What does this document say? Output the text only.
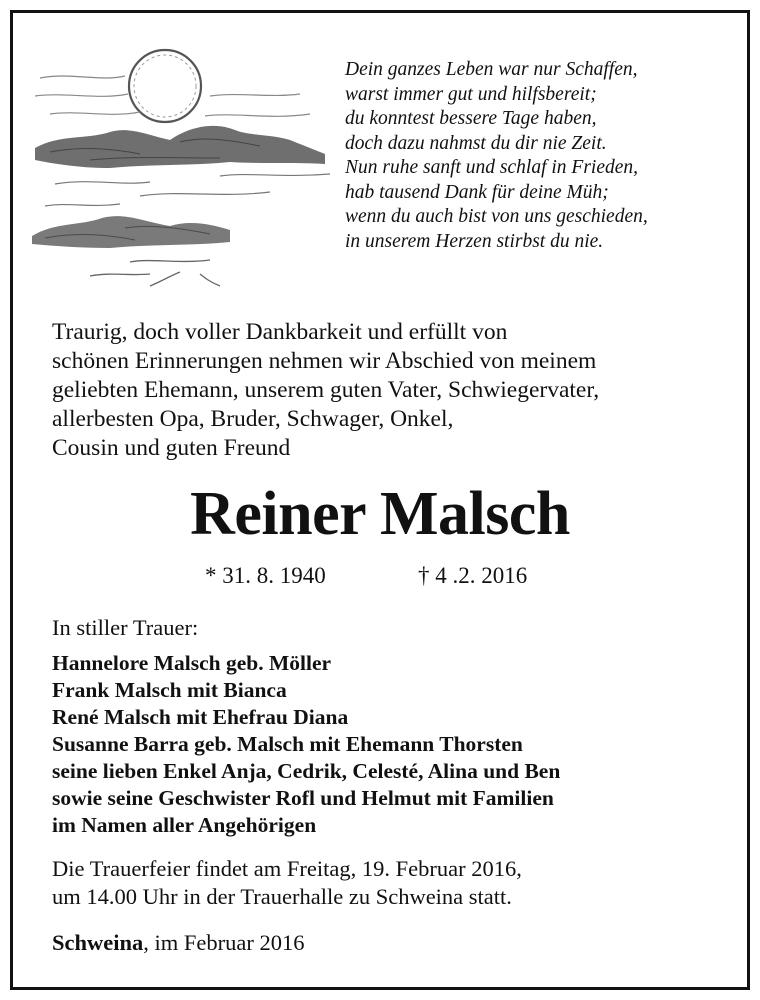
Dein ganzes Leben war nur Schaffen,
warst immer gut und hilfsbereit;
du konntest bessere Tage haben,
doch dazu nahmst du dir nie Zeit.
Nun ruhe sanft und schlaf in Frieden,
hab tausend Dank für deine Müh;
wenn du auch bist von uns geschieden,
in unserem Herzen stirbst du nie.
Traurig, doch voller Dankbarkeit und erfüllt von
schönen Erinnerungen nehmen wir Abschied von meinem
geliebten Ehemann, unserem guten Vater, Schwiegervater,
allerbesten Opa, Bruder, Schwager, Onkel,
Cousin und guten Freund
Reiner Malsch
* 31. 8. 1940	† 4 .2. 2016
In stiller Trauer:
Hannelore Malsch geb. Möller
Frank Malsch mit Bianca
René Malsch mit Ehefrau Diana
Susanne Barra geb. Malsch mit Ehemann Thorsten
seine lieben Enkel Anja, Cedrik, Celesté, Alina und Ben
sowie seine Geschwister Rofl und Helmut mit Familien
im Namen aller Angehörigen
Die Trauerfeier findet am Freitag, 19. Februar 2016,
um 14.00 Uhr in der Trauerhalle zu Schweina statt.
Schweina, im Februar 2016
